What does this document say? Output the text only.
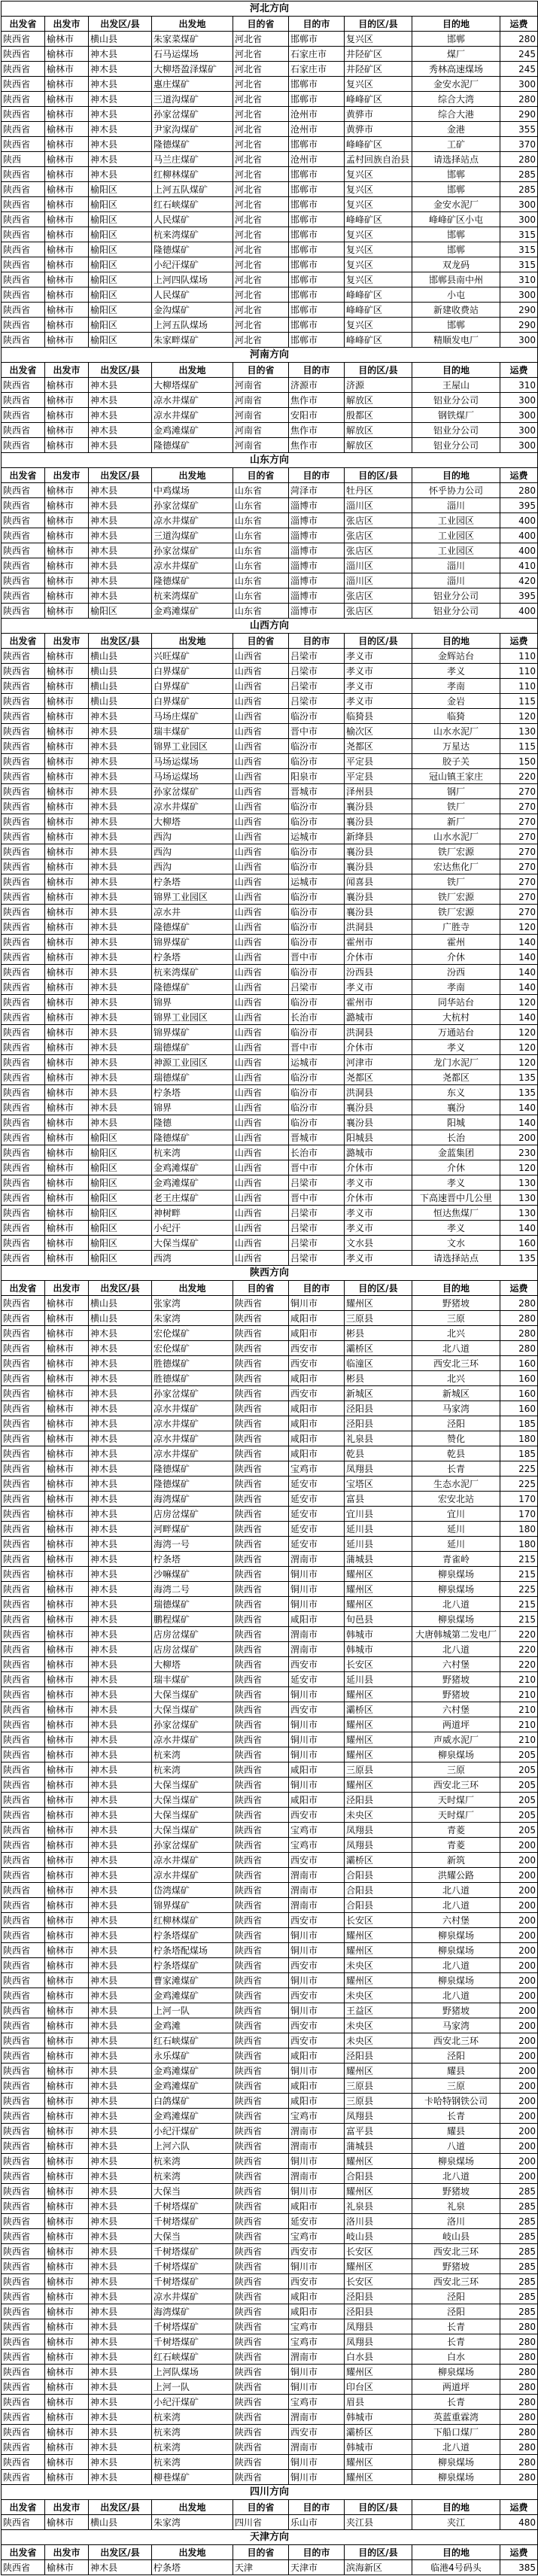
河北方向								
出发省	出发市	出发区/县	出发地	目的省	目的市	目的区/县	目的地	运费
陕西省	榆林市	横山县	朱家菜煤矿	河北省	邯郸市	复兴区	邯郸	280
陕西省	榆林市	神木县	石马运煤场	河北省	石家庄市	井陉矿区	煤厂	245
陕西省	榆林市	神木县	大柳塔盈泽煤矿	河北省	石家庄市	井陉矿区	秀林高速煤场	245
陕西省	榆林市	神木县	惠庄煤矿	河北省	邯郸市	复兴区	金安水泥厂	300
陕西省	榆林市	神木县	三道沟煤矿	河北省	邯郸市	峰峰矿区	综合大湾	280
陕西省	榆林市	神木县	孙家岔煤矿	河北省	沧州市	黄骅市	综合大港	290
陕西省	榆林市	神木县	尹家沟煤矿	河北省	沧州市	黄骅市	金港	355
陕西省	榆林市	神木县	隆德煤矿	河北省	邯郸市	峰峰矿区	工矿	370
陕西	榆林市	神木县	马兰庄煤矿	河北省	沧州市	孟村回族自治县	请选择站点	280
陕西省	榆林市	神木县	红柳林煤矿	河北省	邯郸市	复兴区	邯郸	285
陕西省	榆林市	榆阳区	上河五队煤矿	河北省	邯郸市	复兴区	邯郸	285
陕西省	榆林市	榆阳区	红石峡煤矿	河北省	邯郸市	复兴区	金安水泥厂	300
陕西省	榆林市	榆阳区	人民煤矿	河北省	邯郸市	峰峰矿区	峰峰矿区小屯	300
陕西省	榆林市	榆阳区	杭来湾煤矿	河北省	邯郸市	复兴区	邯郸	315
陕西省	榆林市	榆阳区	隆德煤矿	河北省	邯郸市	复兴区	邯郸	315
陕西省	榆林市	榆阳区	小纪汗煤矿	河北省	邯郸市	复兴区	双龙码	315
陕西省	榆林市	榆阳区	上河四队煤场	河北省	邯郸市	复兴区	邯郸县南中州	310
陕西省	榆林市	榆阳区	人民煤矿	河北省	邯郸市	峰峰矿区	小屯	300
陕西省	榆林市	榆阳区	金沟煤矿	河北省	邯郸市	峰峰矿区	新建收费站	290
陕西省	榆林市	榆阳区	上河五队煤场	河北省	邯郸市	复兴区	邯郸	290
陕西省	榆林市	榆阳区	朱家畔煤矿	河北省	邯郸市	峰峰矿区	精顺发电厂	300
河南方向								
出发省	出发市	出发区/县	出发地	目的省	目的市	目的区/县	目的地	运费
陕西省	榆林市	神木县	大柳塔煤矿	河南省	济源市	济源	王屋山	310
陕西省	榆林市	神木县	凉水井煤矿	河南省	焦作市	解放区	铝业分公司	300
陕西省	榆林市	神木县	凉水井煤矿	河南省	安阳市	殷都区	钢铁煤厂	300
陕西省	榆林市	神木县	金鸡滩煤矿	河南省	焦作市	解放区	铝业分公司	300
陕西省	榆林市	神木县	隆德煤矿	河南省	焦作市	解放区	铝业分公司	300
山东方向								
出发省	出发市	出发区/县	出发地	目的省	目的市	目的区/县	目的地	运费
陕西省	榆林市	神木县	中鸡煤场	山东省	菏泽市	牡丹区	怀乎协力公司	280
陕西省	榆林市	神木县	孙家岔煤矿	山东省	淄博市	淄川区	淄川	395
陕西省	榆林市	神木县	凉水井煤矿	山东省	淄博市	张店区	工业园区	400
陕西省	榆林市	神木县	三道沟煤矿	山东省	淄博市	张店区	工业园区	400
陕西省	榆林市	神木县	孙家岔煤矿	山东省	淄博市	张店区	工业园区	400
陕西省	榆林市	神木县	凉水井煤矿	山东省	淄博市	淄川区	淄川	410
陕西省	榆林市	神木县	隆德煤矿	山东省	淄博市	淄川区	淄川	420
陕西省	榆林市	神木县	杭来湾煤矿	山东省	淄博市	张店区	铝业分公司	395
陕西省	榆林市	榆阳区	金鸡滩煤矿	山东省	淄博市	张店区	铝业分公司	400
山西方向								
出发省	出发市	出发区/县	出发地	目的省	目的市	目的区/县	目的地	运费
陕西省	榆林市	横山县	兴旺煤矿	山西省	吕梁市	孝义市	金辉站台	110
陕西省	榆林市	横山县	白界煤矿	山西省	吕梁市	孝义市	孝义	110
陕西省	榆林市	横山县	白界煤矿	山西省	吕梁市	孝义市	孝南	110
陕西省	榆林市	横山县	白界煤矿	山西省	吕梁市	孝义市	金岩	115
陕西省	榆林市	神木县	马场庄煤矿	山西省	临汾市	临猗县	临猗	120
陕西省	榆林市	神木县	瑞丰煤矿	山西省	晋中市	榆次区	山水水泥厂	130
陕西省	榆林市	神木县	锦界工业园区	山西省	临汾市	尧都区	万星达	115
陕西省	榆林市	神木县	马场运煤场	山西省	临汾市	平定县	胶子关	150
陕西省	榆林市	神木县	马场运煤场	山西省	阳泉市	平定县	冠山镇王家庄	220
陕西省	榆林市	神木县	孙家岔煤矿	山西省	晋城市	泽州县	钢厂	270
陕西省	榆林市	神木县	凉水井煤矿	山西省	临汾市	襄汾县	铁厂	270
陕西省	榆林市	神木县	大柳塔	山西省	临汾市	襄汾县	新厂	270
陕西省	榆林市	神木县	西沟	山西省	运城市	新绛县	山水水泥厂	270
陕西省	榆林市	神木县	西沟	山西省	临汾市	襄汾县	铁厂宏源	270
陕西省	榆林市	神木县	西沟	山西省	临汾市	襄汾县	宏达焦化厂	270
陕西省	榆林市	神木县	柠条塔	山西省	运城市	闻喜县	铁厂	270
陕西省	榆林市	神木县	锦界工业园区	山西省	临汾市	襄汾县	铁厂宏源	270
陕西省	榆林市	神木县	凉水井	山西省	临汾市	襄汾县	铁厂宏源	270
陕西省	榆林市	神木县	隆德煤矿	山西省	临汾市	洪洞县	广胜寺	120
陕西省	榆林市	神木县	锦界煤矿	山西省	临汾市	霍州市	霍州	140
陕西省	榆林市	神木县	柠条塔	山西省	晋中市	介休市	介休	140
陕西省	榆林市	神木县	杭来湾煤矿	山西省	临汾市	汾西县	汾西	140
陕西省	榆林市	神木县	隆德煤矿	山西省	吕梁市	孝义市	孝南	140
陕西省	榆林市	神木县	锦界	山西省	临汾市	霍州市	同华站台	120
陕西省	榆林市	神木县	锦界工业园区	山西省	长治市	潞城市	大杭村	140
陕西省	榆林市	神木县	锦界煤矿	山西省	临汾市	洪洞县	万通站台	120
陕西省	榆林市	神木县	瑞德煤矿	山西省	晋中市	介休市	孝义	120
陕西省	榆林市	神木县	神源工业园区	山西省	运城市	河津市	龙门水泥厂	120
陕西省	榆林市	神木县	瑞德煤矿	山西省	临汾市	尧都区	尧都区	135
陕西省	榆林市	神木县	柠条塔	山西省	临汾市	洪洞县	东义	135
陕西省	榆林市	神木县	锦界	山西省	临汾市	襄汾县	襄汾	140
陕西省	榆林市	神木县	隆德	山西省	临汾市	襄汾县	阳城	140
陕西省	榆林市	榆阳区	隆德煤矿	山西省	晋城市	阳城县	长治	200
陕西省	榆林市	榆阳区	杭来湾	山西省	长治市	潞城市	金蓝集团	230
陕西省	榆林市	榆阳区	金鸡滩煤矿	山西省	晋中市	介休市	介休	120
陕西省	榆林市	榆阳区	金鸡滩煤矿	山西省	吕梁市	孝义市	孝义	130
陕西省	榆林市	榆阳区	老王庄煤矿	山西省	晋中市	介休市	下高速晋中几公里	130
陕西省	榆林市	榆阳区	神树畔	山西省	吕梁市	孝义市	恒达焦煤厂	130
陕西省	榆林市	榆阳区	小纪汗	山西省	吕梁市	孝义市	孝义	140
陕西省	榆林市	榆阳区	大保当煤矿	山西省	吕梁市	文水县	文水	160
陕西省	榆林市	榆阳区	西湾	山西省	吕梁市	孝义市	请选择站点	135
陕西方向								
出发省	出发市	出发区/县	出发地	目的省	目的市	目的区/县	目的地	运费
陕西省	榆林市	横山县	张家湾	陕西省	铜川市	耀州区	野猪坡	280
陕西省	榆林市	横山县	朱家湾	陕西省	咸阳市	三原县	三原	280
陕西省	榆林市	神木县	宏伦煤矿	陕西省	咸阳市	彬县	北兴	280
陕西省	榆林市	神木县	宏伦煤矿	陕西省	西安市	灞桥区	北八道	280
陕西省	榆林市	神木县	胜德煤矿	陕西省	西安市	临潼区	西安北三环	160
陕西省	榆林市	神木县	胜德煤矿	陕西省	咸阳市	彬县	北兴	160
陕西省	榆林市	神木县	孙家岔煤矿	陕西省	西安市	新城区	新城区	160
陕西省	榆林市	神木县	凉水井煤矿	陕西省	咸阳市	泾阳县	马家湾	160
陕西省	榆林市	神木县	凉水井煤矿	陕西省	咸阳市	泾阳县	泾阳	185
陕西省	榆林市	神木县	凉水井煤矿	陕西省	咸阳市	礼泉县	赞化	180
陕西省	榆林市	神木县	凉水井煤矿	陕西省	咸阳市	乾县	乾县	185
陕西省	榆林市	神木县	隆德煤矿	陕西省	宝鸡市	凤翔县	长青	225
陕西省	榆林市	神木县	隆德煤矿	陕西省	延安市	宝塔区	生态水泥厂	225
陕西省	榆林市	神木县	海湾煤矿	陕西省	延安市	富县	宏安北站	170
陕西省	榆林市	神木县	店房岔煤矿	陕西省	延安市	宜川县	宜川	170
陕西省	榆林市	神木县	河畔煤矿	陕西省	延安市	延川县	延川	180
陕西省	榆林市	神木县	海湾一号	陕西省	延安市	延川县	延川	180
陕西省	榆林市	神木县	柠条塔	陕西省	渭南市	蒲城县	青雀岭	215
陕西省	榆林市	神木县	沙嘛煤矿	陕西省	铜川市	耀州区	柳泉煤场	215
陕西省	榆林市	神木县	海湾二号	陕西省	铜川市	耀州区	柳泉煤场	225
陕西省	榆林市	神木县	瑞德煤矿	陕西省	铜川市	耀州区	北八道	215
陕西省	榆林市	神木县	鹏程煤矿	陕西省	咸阳市	旬邑县	柳泉煤场	215
陕西省	榆林市	神木县	店房岔煤矿	陕西省	渭南市	韩城市	大唐韩城第二发电厂	220
陕西省	榆林市	神木县	店房岔煤矿	陕西省	渭南市	韩城市	北八道	220
陕西省	榆林市	神木县	大柳塔	陕西省	西安市	长安区	六村堡	220
陕西省	榆林市	神木县	瑞丰煤矿	陕西省	延安市	延川县	野猪坡	210
陕西省	榆林市	神木县	大保当煤矿	陕西省	铜川市	耀州区	野猪坡	210
陕西省	榆林市	神木县	大保当煤矿	陕西省	西安市	灞桥区	六村堡	210
陕西省	榆林市	神木县	孙家岔煤矿	陕西省	铜川市	耀州区	两道坪	210
陕西省	榆林市	神木县	凉水井煤矿	陕西省	铜川市	耀州区	声威水泥厂	210
陕西省	榆林市	神木县	杭来湾	陕西省	铜川市	耀州区	柳泉煤场	205
陕西省	榆林市	神木县	杭来湾	陕西省	咸阳市	三原县	三原	205
陕西省	榆林市	神木县	大保当煤矿	陕西省	铜川市	耀州区	西安北三环	205
陕西省	榆林市	神木县	大保当煤矿	陕西省	咸阳市	泾阳县	天时煤厂	205
陕西省	榆林市	神木县	大保当煤矿	陕西省	西安市	未央区	天时煤厂	205
陕西省	榆林市	神木县	大保当煤矿	陕西省	宝鸡市	凤翔县	青菱	205
陕西省	榆林市	神木县	孙家岔煤矿	陕西省	宝鸡市	凤翔县	青菱	200
陕西省	榆林市	神木县	凉水井煤矿	陕西省	西安市	灞桥区	新筑	200
陕西省	榆林市	神木县	凉水井煤矿	陕西省	渭南市	合阳县	洪耀公路	200
陕西省	榆林市	神木县	岱湾煤矿	陕西省	渭南市	合阳县	北八道	200
陕西省	榆林市	神木县	锦界煤矿	陕西省	渭南市	合阳县	北八道	200
陕西省	榆林市	神木县	红柳林煤矿	陕西省	西安市	长安区	六村堡	200
陕西省	榆林市	神木县	柠条塔煤矿	陕西省	铜川市	耀州区	柳泉煤场	200
陕西省	榆林市	神木县	柠条塔配煤场	陕西省	铜川市	耀州区	柳泉煤场	200
陕西省	榆林市	神木县	柠条塔煤矿	陕西省	西安市	未央区	北八道	200
陕西省	榆林市	神木县	曹家滩煤矿	陕西省	铜川市	耀州区	柳泉煤场	200
陕西省	榆林市	神木县	金鸡滩煤矿	陕西省	西安市	未央区	北八道	200
陕西省	榆林市	神木县	上河一队	陕西省	铜川市	王益区	野猪坡	200
陕西省	榆林市	神木县	金鸡滩	陕西省	西安市	未央区	马家湾	200
陕西省	榆林市	神木县	红石峡煤矿	陕西省	西安市	未央区	西安北三环	200
陕西省	榆林市	神木县	永乐煤矿	陕西省	咸阳市	泾阳县	泾阳	200
陕西省	榆林市	神木县	金鸡滩煤矿	陕西省	铜川市	耀州区	耀县	200
陕西省	榆林市	神木县	金鸡滩煤矿	陕西省	咸阳市	三原县	三原	200
陕西省	榆林市	神木县	白鸽煤矿	陕西省	咸阳市	三原县	卡哈特钢铁公司	200
陕西省	榆林市	神木县	金鸡滩煤矿	陕西省	宝鸡市	凤翔县	长青	200
陕西省	榆林市	神木县	小纪汗煤矿	陕西省	渭南市	富平县	耀县	200
陕西省	榆林市	神木县	上河六队	陕西省	渭南市	蒲城县	八道	200
陕西省	榆林市	神木县	杭来湾	陕西省	铜川市	耀州区	柳泉煤场	200
陕西省	榆林市	神木县	杭来湾	陕西省	渭南市	合阳县	北八道	200
陕西省	榆林市	神木县	大保当	陕西省	铜川市	耀州区	野猪坡	285
陕西省	榆林市	神木县	千树塔煤矿	陕西省	咸阳市	礼泉县	礼泉	285
陕西省	榆林市	神木县	千树塔煤矿	陕西省	延安市	洛川县	洛川	285
陕西省	榆林市	神木县	大保当	陕西省	宝鸡市	岐山县	岐山县	285
陕西省	榆林市	神木县	千树塔煤矿	陕西省	西安市	长安区	西安北三环	285
陕西省	榆林市	神木县	千树塔煤矿	陕西省	铜川市	耀州区	野猪坡	285
陕西省	榆林市	神木县	千树塔煤矿	陕西省	西安市	长安区	西安北三环	285
陕西省	榆林市	神木县	凉水井煤矿	陕西省	咸阳市	泾阳县	泾阳	285
陕西省	榆林市	神木县	海湾煤矿	陕西省	咸阳市	泾阳县	泾阳	285
陕西省	榆林市	神木县	千树塔煤矿	陕西省	宝鸡市	凤翔县	长青	280
陕西省	榆林市	神木县	千树塔煤矿	陕西省	宝鸡市	凤翔县	长青	280
陕西省	榆林市	神木县	红石峡煤矿	陕西省	渭南市	白水县	白水	280
陕西省	榆林市	神木县	上河队煤场	陕西省	铜川市	耀州区	柳泉煤场	280
陕西省	榆林市	神木县	上河一队	陕西省	铜川市	印台区	两道坪	280
陕西省	榆林市	神木县	小纪汗煤矿	陕西省	宝鸡市	眉县	长青	280
陕西省	榆林市	神木县	杭来湾	陕西省	渭南市	韩城市	英蓝重霖湾	280
陕西省	榆林市	神木县	杭来湾	陕西省	西安市	灞桥区	下船口煤厂	280
陕西省	榆林市	神木县	杭来湾	陕西省	渭南市	韩城市	北八道	280
陕西省	榆林市	神木县	杭来湾	陕西省	铜川市	耀州区	柳泉煤场	280
陕西省	榆林市	神木县	柳巷煤矿	陕西省	铜川市	耀州区	柳泉煤场	280
四川方向								
出发省	出发市	出发区/县	出发地	目的省	目的市	目的区/县	目的地	运费
陕西省	榆林市	横山县	朱家湾	四川省	乐山市	夹江县	夹江	480
天津方向								
出发省	出发市	出发区/县	出发地	目的省	目的市	目的区/县	目的地	运费
陕西省	榆林市	神木县	柠条塔	天津	天津市	滨海新区	临港4号码头	385
